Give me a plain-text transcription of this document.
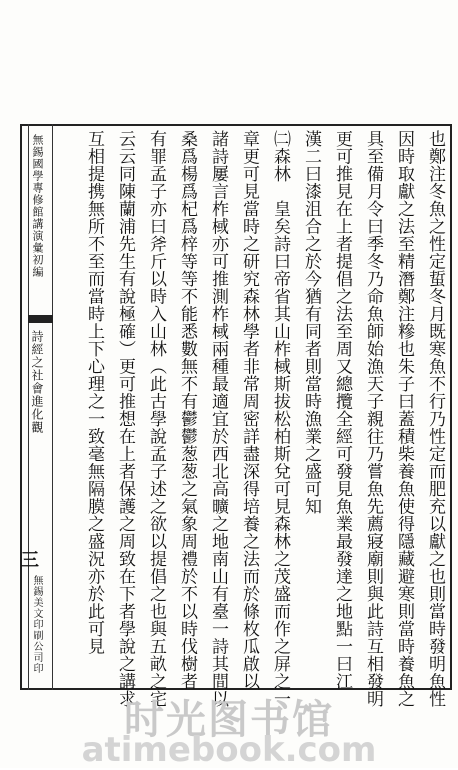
無錫國學專修館講演彙初編
詩經之社會進化觀
三
無錫美文印刷公司印	也鄭注冬魚之性定蜇冬月既寒魚不行乃性定而肥充以獻之也則當時發明魚性
因時取獻之法至精潛鄭注糝也朱子曰蓋積柴養魚使得隱藏避寒則當時養魚之
具至備月令曰季冬乃命魚師始漁天子親往乃嘗魚先薦寢廟則與此詩互相發明
更可推見在上者提倡之法至周又總攬全經可發見魚業最發達之地點一曰江
漢二曰漆沮合之於今猶有同者則當時漁業之盛可知
㈡森林　皇矣詩曰帝省其山柞棫斯拔松柏斯兌可見森林之茂盛而作之屏之一
章更可見當時之研究森林學者非常周密詳盡深得培養之法而於條枚瓜啟以
諸詩屢言柞棫亦可推測柞棫兩種最適宜於西北高曠之地南山有臺一詩其間以
桑爲楊爲杞爲梓等等不能悉數無不有鬱鬱葱葱之氣象周禮於不以時伐樹者
有罪孟子亦曰斧斤以時入山林（此古學說孟子述之欲以提倡之也與五畝之宅
云云同陳蘭浦先生有說極確）更可推想在上者保護之周致在下者學說之講求
互相提携無所不至而當時上下心理之一致毫無隔膜之盛況亦於此可見
时光图书馆
atimebook.com
